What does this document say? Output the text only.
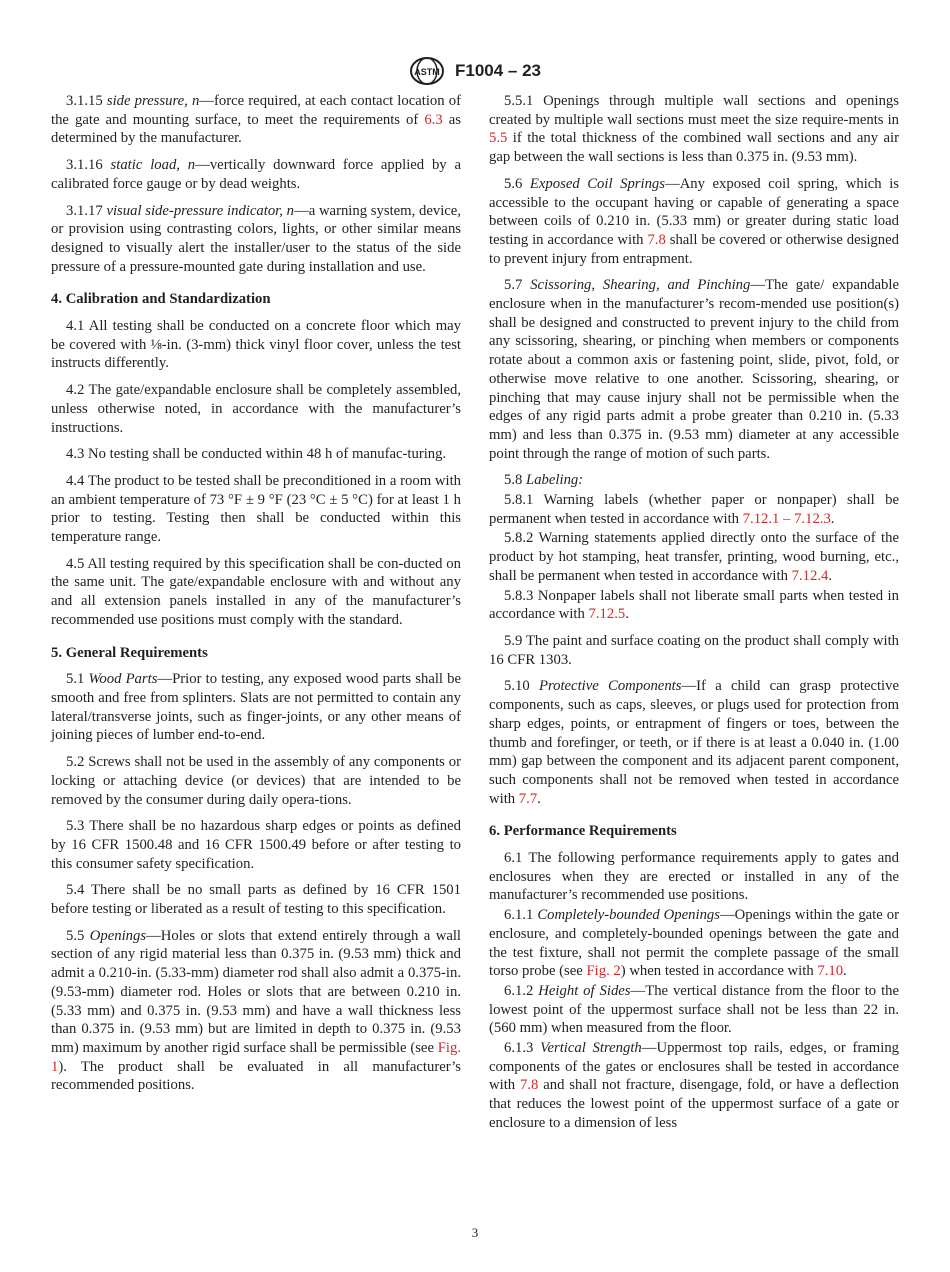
ASTM F1004 – 23

3.1.15 side pressure, n—force required, at each contact location of the gate and mounting surface, to meet the requirements of 6.3 as determined by the manufacturer.

3.1.16 static load, n—vertically downward force applied by a calibrated force gauge or by dead weights.

3.1.17 visual side-pressure indicator, n—a warning system, device, or provision using contrasting colors, lights, or other similar means designed to visually alert the installer/user to the status of the side pressure of a pressure-mounted gate during installation and use.

4. Calibration and Standardization

4.1 All testing shall be conducted on a concrete floor which may be covered with ⅛-in. (3-mm) thick vinyl floor cover, unless the test instructs differently.

4.2 The gate/expandable enclosure shall be completely assembled, unless otherwise noted, in accordance with the manufacturer’s instructions.

4.3 No testing shall be conducted within 48 h of manufac-turing.

4.4 The product to be tested shall be preconditioned in a room with an ambient temperature of 73 °F ± 9 °F (23 °C ± 5 °C) for at least 1 h prior to testing. Testing then shall be conducted within this temperature range.

4.5 All testing required by this specification shall be con-ducted on the same unit. The gate/expandable enclosure with and without any and all extension panels installed in any of the manufacturer’s recommended use positions must comply with the standard.

5. General Requirements

5.1 Wood Parts—Prior to testing, any exposed wood parts shall be smooth and free from splinters. Slats are not permitted to contain any lateral/transverse joints, such as finger-joints, or any other means of joining pieces of lumber end-to-end.

5.2 Screws shall not be used in the assembly of any components or locking or attaching device (or devices) that are intended to be removed by the consumer during daily opera-tions.

5.3 There shall be no hazardous sharp edges or points as defined by 16 CFR 1500.48 and 16 CFR 1500.49 before or after testing to this consumer safety specification.

5.4 There shall be no small parts as defined by 16 CFR 1501 before testing or liberated as a result of testing to this specification.

5.5 Openings—Holes or slots that extend entirely through a wall section of any rigid material less than 0.375 in. (9.53 mm) thick and admit a 0.210-in. (5.33-mm) diameter rod shall also admit a 0.375-in. (9.53-mm) diameter rod. Holes or slots that are between 0.210 in. (5.33 mm) and 0.375 in. (9.53 mm) and have a wall thickness less than 0.375 in. (9.53 mm) but are limited in depth to 0.375 in. (9.53 mm) maximum by another rigid surface shall be permissible (see Fig. 1). The product shall be evaluated in all manufacturer’s recommended positions.

5.5.1 Openings through multiple wall sections and openings created by multiple wall sections must meet the size require-ments in 5.5 if the total thickness of the combined wall sections and any air gap between the wall sections is less than 0.375 in. (9.53 mm).

5.6 Exposed Coil Springs—Any exposed coil spring, which is accessible to the occupant having or capable of generating a space between coils of 0.210 in. (5.33 mm) or greater during static load testing in accordance with 7.8 shall be covered or otherwise designed to prevent injury from entrapment.

5.7 Scissoring, Shearing, and Pinching—The gate/ expandable enclosure when in the manufacturer’s recom-mended use position(s) shall be designed and constructed to prevent injury to the child from any scissoring, shearing, or pinching when members or components rotate about a common axis or fastening point, slide, pivot, fold, or otherwise move relative to one another. Scissoring, shearing, or pinching that may cause injury shall not be permissible when the edges of any rigid parts admit a probe greater than 0.210 in. (5.33 mm) and less than 0.375 in. (9.53 mm) diameter at any accessible point through the range of motion of such parts.

5.8 Labeling:

5.8.1 Warning labels (whether paper or nonpaper) shall be permanent when tested in accordance with 7.12.1 – 7.12.3.

5.8.2 Warning statements applied directly onto the surface of the product by hot stamping, heat transfer, printing, wood burning, etc., shall be permanent when tested in accordance with 7.12.4.

5.8.3 Nonpaper labels shall not liberate small parts when tested in accordance with 7.12.5.

5.9 The paint and surface coating on the product shall comply with 16 CFR 1303.

5.10 Protective Components—If a child can grasp protective components, such as caps, sleeves, or plugs used for protection from sharp edges, points, or entrapment of fingers or toes, between the thumb and forefinger, or teeth, or if there is at least a 0.040 in. (1.00 mm) gap between the component and its adjacent parent component, such components shall not be removed when tested in accordance with 7.7.

6. Performance Requirements

6.1 The following performance requirements apply to gates and enclosures when they are erected or installed in any of the manufacturer’s recommended use positions.

6.1.1 Completely-bounded Openings—Openings within the gate or enclosure, and completely-bounded openings between the gate and the test fixture, shall not permit the complete passage of the small torso probe (see Fig. 2) when tested in accordance with 7.10.

6.1.2 Height of Sides—The vertical distance from the floor to the lowest point of the uppermost surface shall not be less than 22 in. (560 mm) when measured from the floor.

6.1.3 Vertical Strength—Uppermost top rails, edges, or framing components of the gates or enclosures shall be tested in accordance with 7.8 and shall not fracture, disengage, fold, or have a deflection that reduces the lowest point of the uppermost surface of a gate or enclosure to a dimension of less

3
